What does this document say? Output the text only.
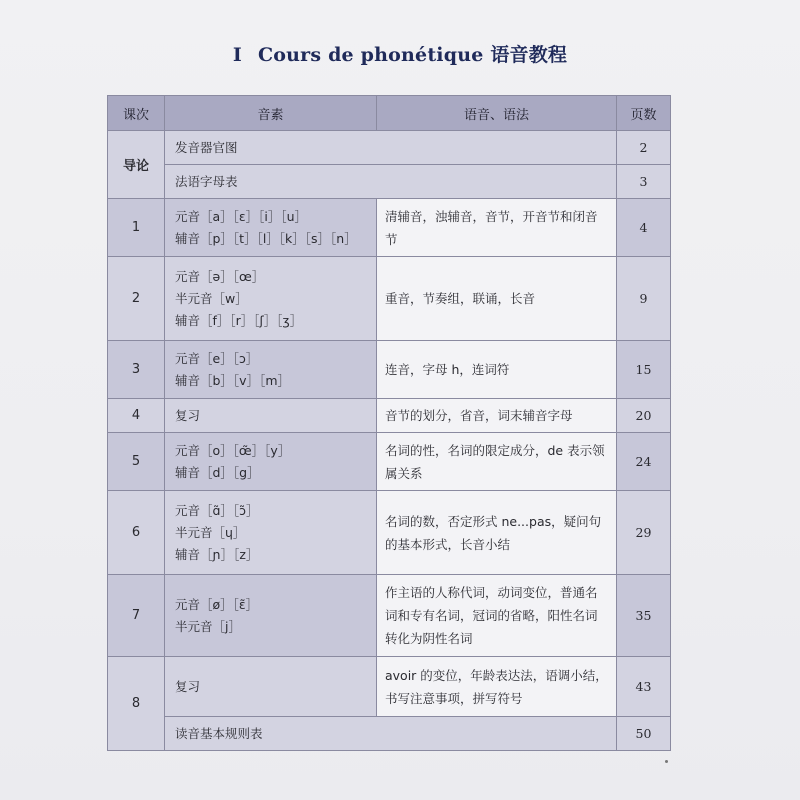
I Cours de phonétique 语音教程
课次	音素	语音、语法	页数
导论	发音器官图		2
	法语字母表		3
1	元音［a］［ɛ］［i］［u］
辅音［p］［t］［l］［k］［s］［n］	清辅音，浊辅音，音节，开音节和闭音节	4
2	元音［ə］［œ］
半元音［w］
辅音［f］［r］［ʃ］［ʒ］	重音，节奏组，联诵，长音	9
3	元音［e］［ɔ］
辅音［b］［v］［m］	连音，字母 h，连词符	15
4	复习	音节的划分，省音，词末辅音字母	20
5	元音［o］［œ̃］［y］
辅音［d］［g］	名词的性，名词的限定成分，de 表示领属关系	24
6	元音［ɑ̃］［ɔ̃］
半元音［ɥ］
辅音［ɲ］［z］	名词的数，否定形式 ne...pas，疑问句的基本形式，长音小结	29
7	元音［ø］［ɛ̃］
半元音［j］	作主语的人称代词，动词变位，普通名词和专有名词，冠词的省略，阳性名词转化为阴性名词	35
8	复习	avoir 的变位，年龄表达法，语调小结，书写注意事项，拼写符号	43
	读音基本规则表		50
